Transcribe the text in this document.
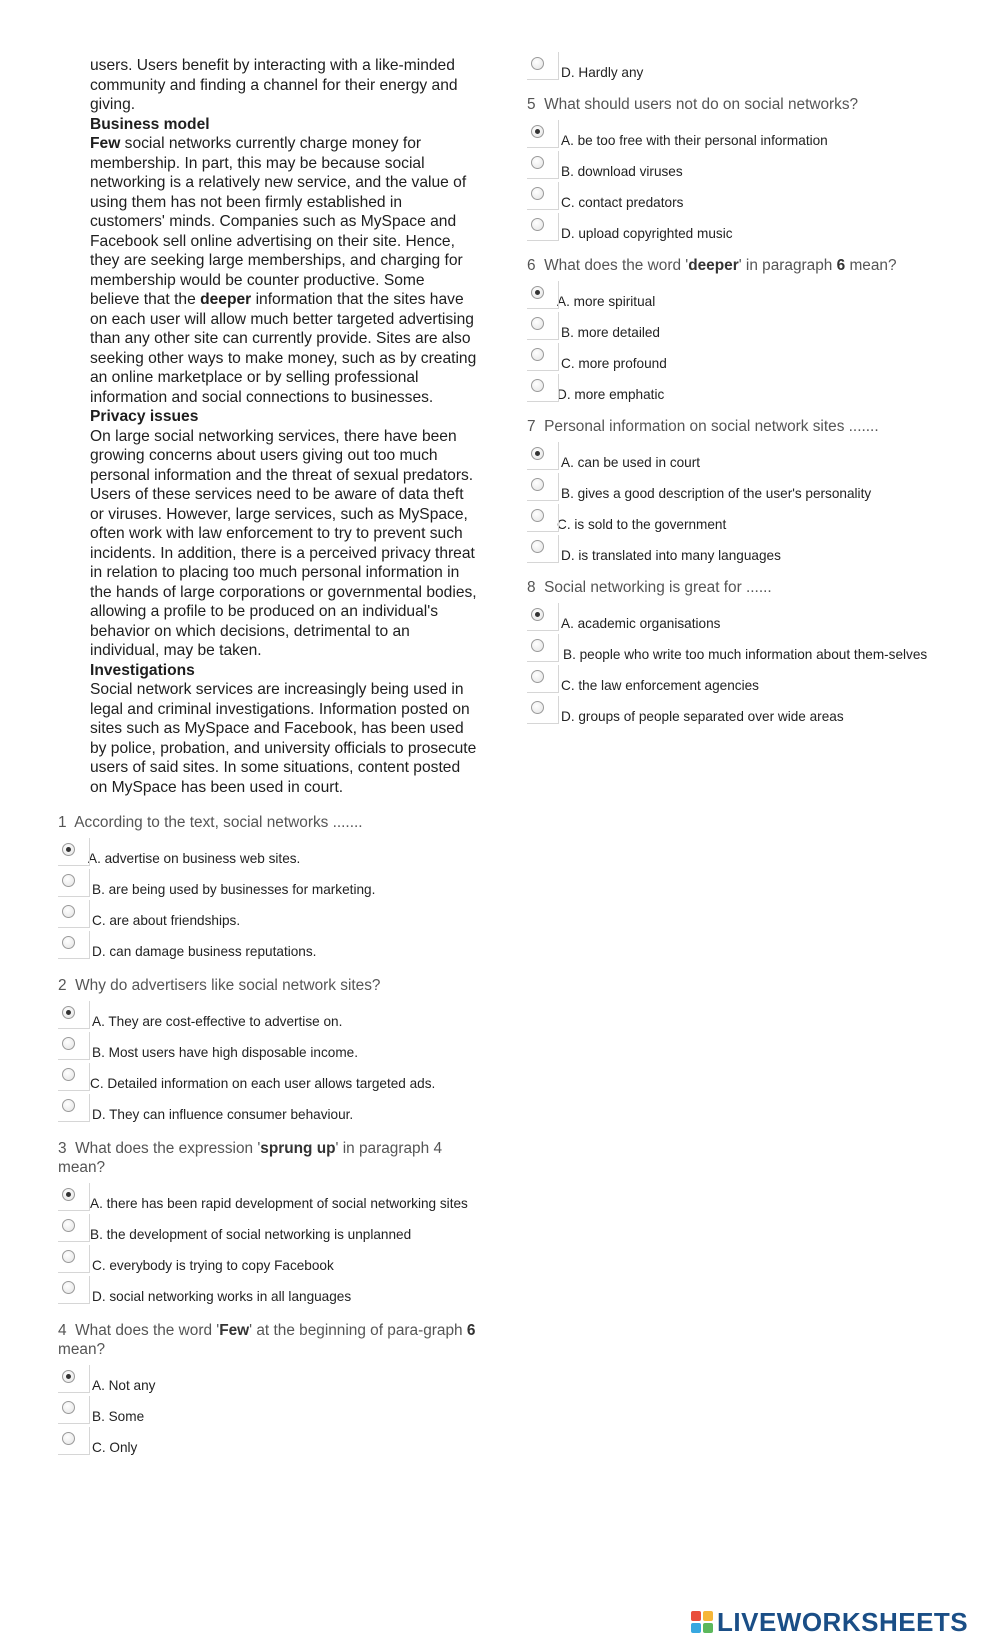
users. Users benefit by interacting with a like-minded community and finding a channel for their energy and giving.

Business model

Few social networks currently charge money for membership. In part, this may be because social networking is a relatively new service, and the value of using them has not been firmly established in customers' minds. Companies such as MySpace and Facebook sell online advertising on their site. Hence, they are seeking large memberships, and charging for membership would be counter productive. Some believe that the deeper information that the sites have on each user will allow much better targeted advertising than any other site can currently provide. Sites are also seeking other ways to make money, such as by creating an online marketplace or by selling professional information and social connections to businesses.

Privacy issues

On large social networking services, there have been growing concerns about users giving out too much personal information and the threat of sexual predators. Users of these services need to be aware of data theft or viruses. However, large services, such as MySpace, often work with law enforcement to try to prevent such incidents. In addition, there is a perceived privacy threat in relation to placing too much personal information in the hands of large corporations or governmental bodies, allowing a profile to be produced on an individual's behavior on which decisions, detrimental to an individual, may be taken.

Investigations

Social network services are increasingly being used in legal and criminal investigations. Information posted on sites such as MySpace and Facebook, has been used by police, probation, and university officials to prosecute users of said sites. In some situations, content posted on MySpace has been used in court.

1 According to the text, social networks .......
A. advertise on business web sites.
B. are being used by businesses for marketing.
C. are about friendships.
D. can damage business reputations.
2 Why do advertisers like social network sites?
A. They are cost-effective to advertise on.
B. Most users have high disposable income.
C. Detailed information on each user allows targeted ads.
D. They can influence consumer behaviour.
3 What does the expression 'sprung up' in paragraph 4 mean?
A. there has been rapid development of social networking sites
B. the development of social networking is unplanned
C. everybody is trying to copy Facebook
D. social networking works in all languages
4 What does the word 'Few' at the beginning of para-graph 6 mean?
A. Not any
B. Some
C. Only
D. Hardly any
5 What should users not do on social networks?
A. be too free with their personal information
B. download viruses
C. contact predators
D. upload copyrighted music
6 What does the word 'deeper' in paragraph 6 mean?
A. more spiritual
B. more detailed
C. more profound
D. more emphatic
7 Personal information on social network sites .......
A. can be used in court
B. gives a good description of the user's personality
C. is sold to the government
D. is translated into many languages
8 Social networking is great for ......
A. academic organisations
B. people who write too much information about them-selves
C. the law enforcement agencies
D. groups of people separated over wide areas
LIVEWORKSHEETS
